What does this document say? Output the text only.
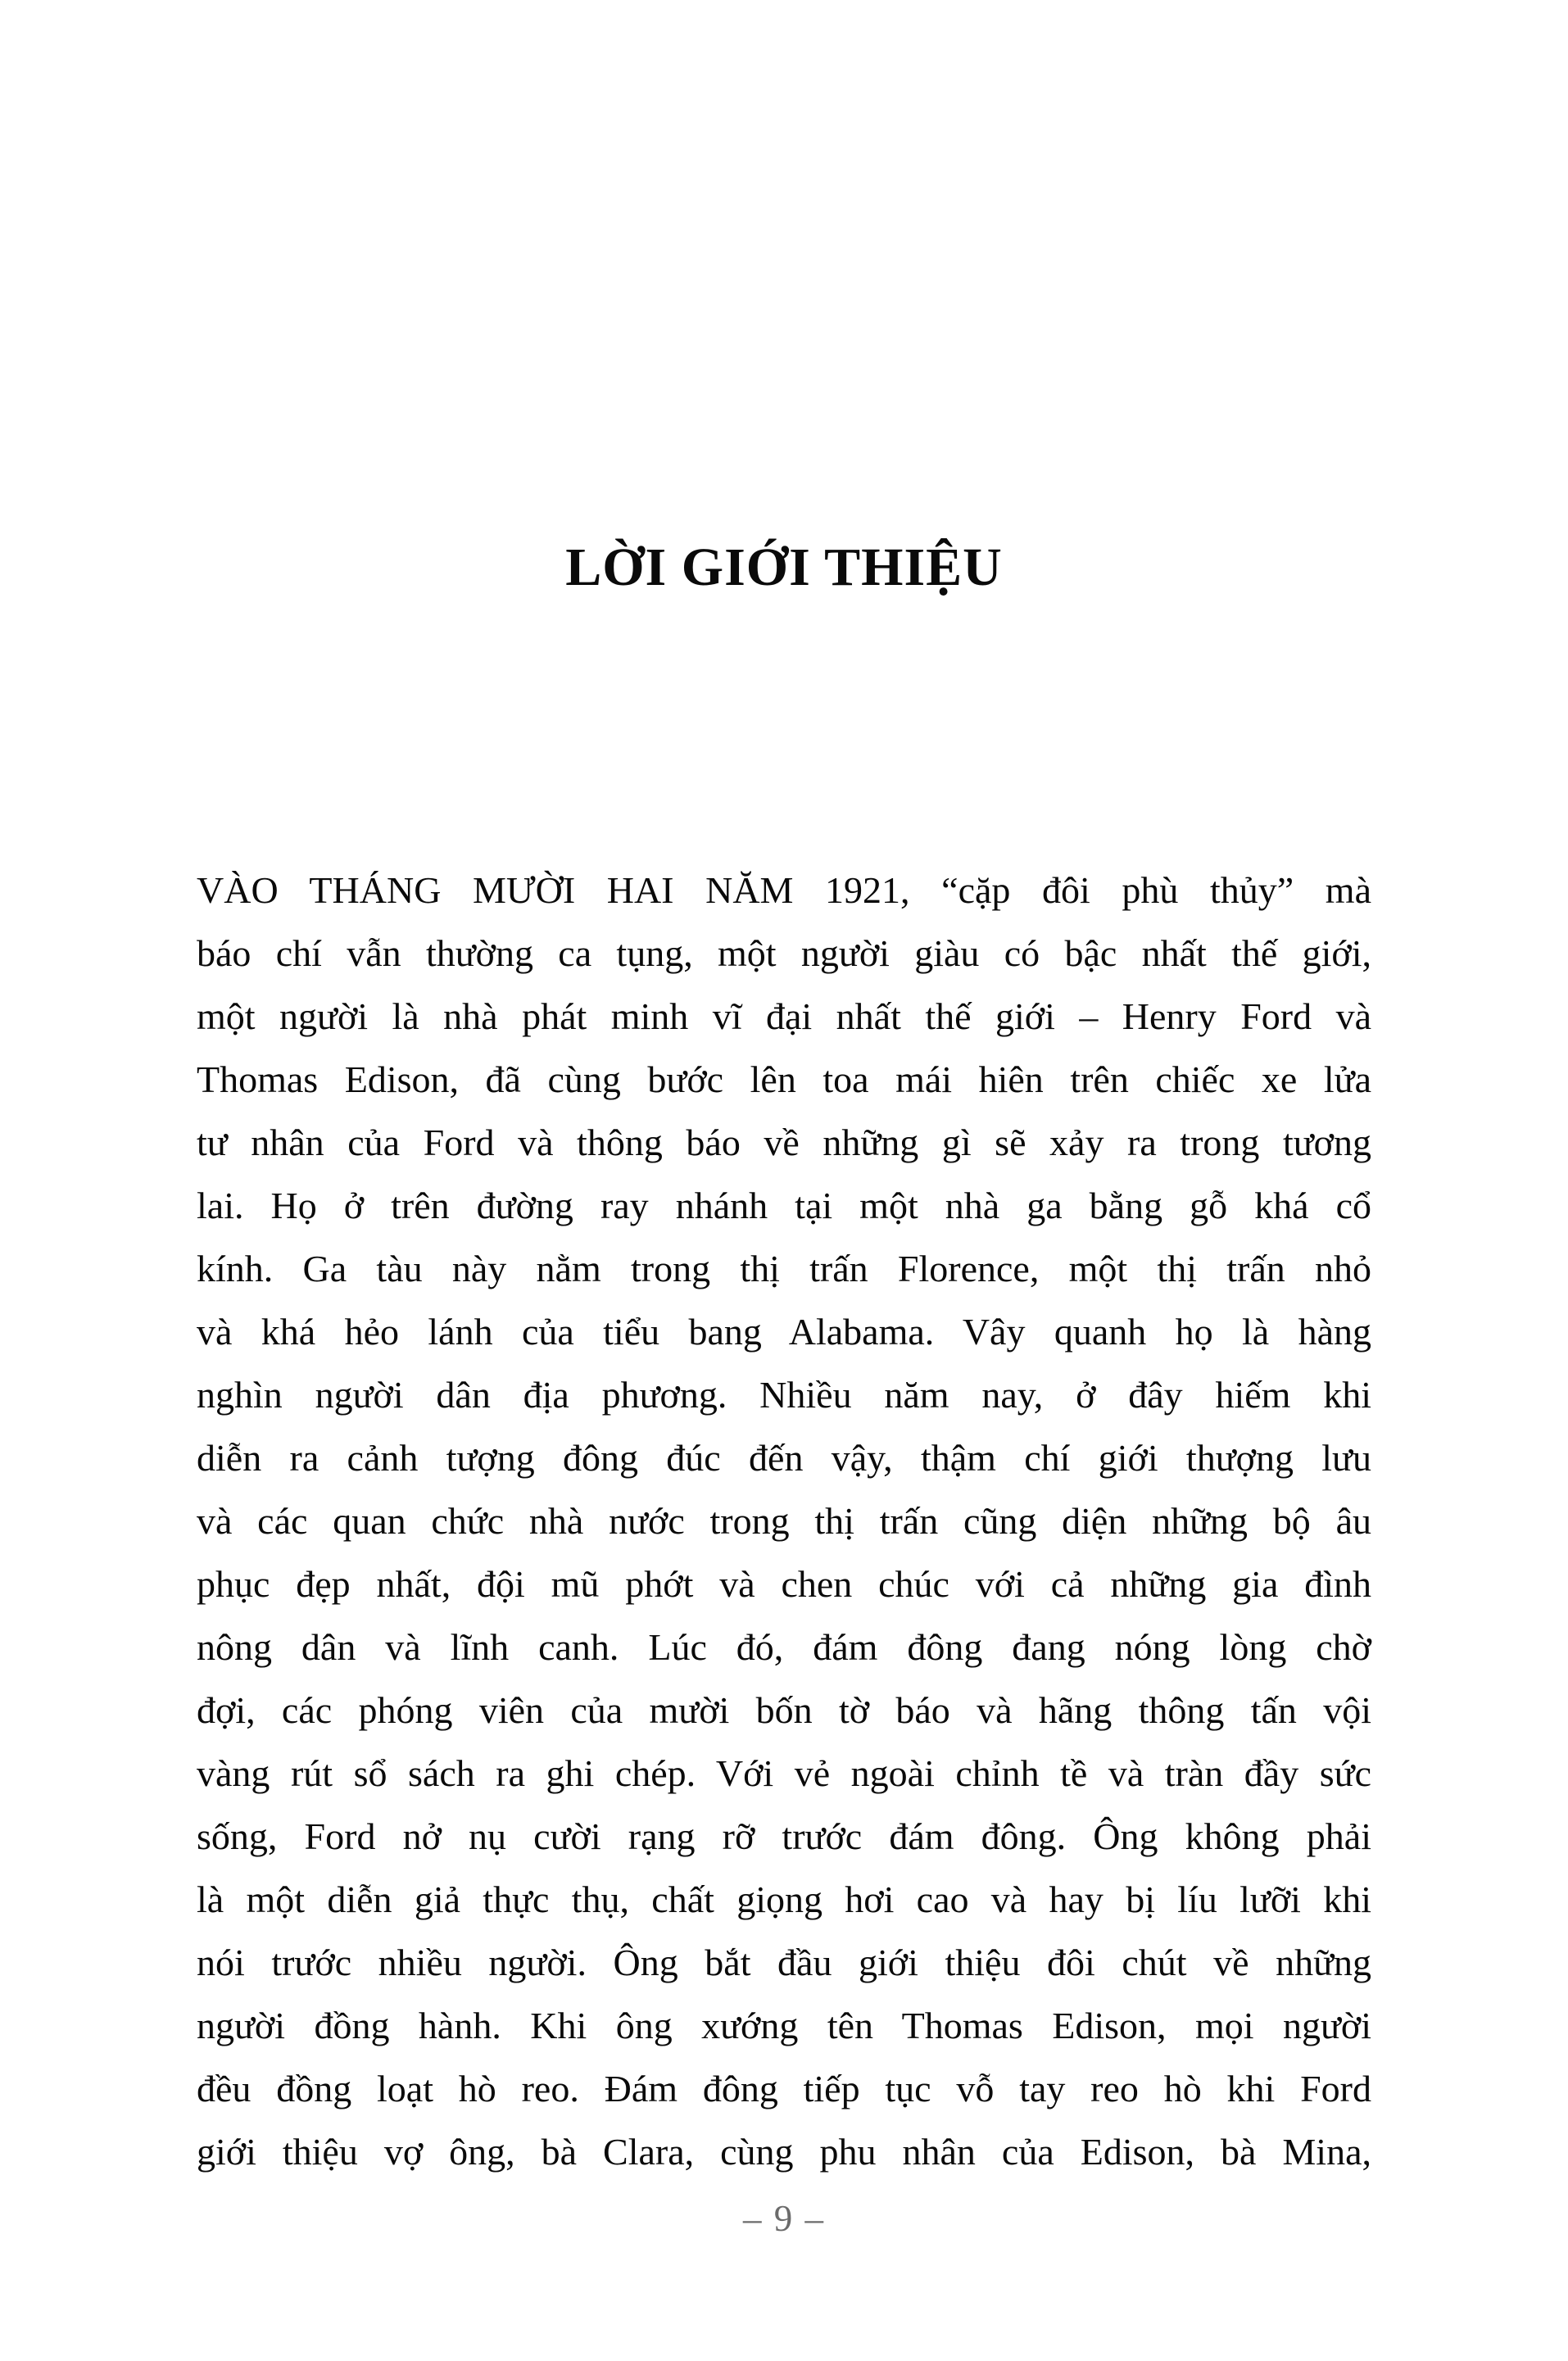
LỜI GIỚI THIỆU
VÀO THÁNG MƯỜI HAI NĂM 1921, “cặp đôi phù thủy” mà
báo chí vẫn thường ca tụng, một người giàu có bậc nhất thế giới,
một người là nhà phát minh vĩ đại nhất thế giới – Henry Ford và
Thomas Edison, đã cùng bước lên toa mái hiên trên chiếc xe lửa
tư nhân của Ford và thông báo về những gì sẽ xảy ra trong tương
lai. Họ ở trên đường ray nhánh tại một nhà ga bằng gỗ khá cổ
kính. Ga tàu này nằm trong thị trấn Florence, một thị trấn nhỏ
và khá hẻo lánh của tiểu bang Alabama. Vây quanh họ là hàng
nghìn người dân địa phương. Nhiều năm nay, ở đây hiếm khi
diễn ra cảnh tượng đông đúc đến vậy, thậm chí giới thượng lưu
và các quan chức nhà nước trong thị trấn cũng diện những bộ âu
phục đẹp nhất, đội mũ phớt và chen chúc với cả những gia đình
nông dân và lĩnh canh. Lúc đó, đám đông đang nóng lòng chờ
đợi, các phóng viên của mười bốn tờ báo và hãng thông tấn vội
vàng rút sổ sách ra ghi chép. Với vẻ ngoài chỉnh tề và tràn đầy sức
sống, Ford nở nụ cười rạng rỡ trước đám đông. Ông không phải
là một diễn giả thực thụ, chất giọng hơi cao và hay bị líu lưỡi khi
nói trước nhiều người. Ông bắt đầu giới thiệu đôi chút về những
người đồng hành. Khi ông xướng tên Thomas Edison, mọi người
đều đồng loạt hò reo. Đám đông tiếp tục vỗ tay reo hò khi Ford
giới thiệu vợ ông, bà Clara, cùng phu nhân của Edison, bà Mina,
– 9 –
